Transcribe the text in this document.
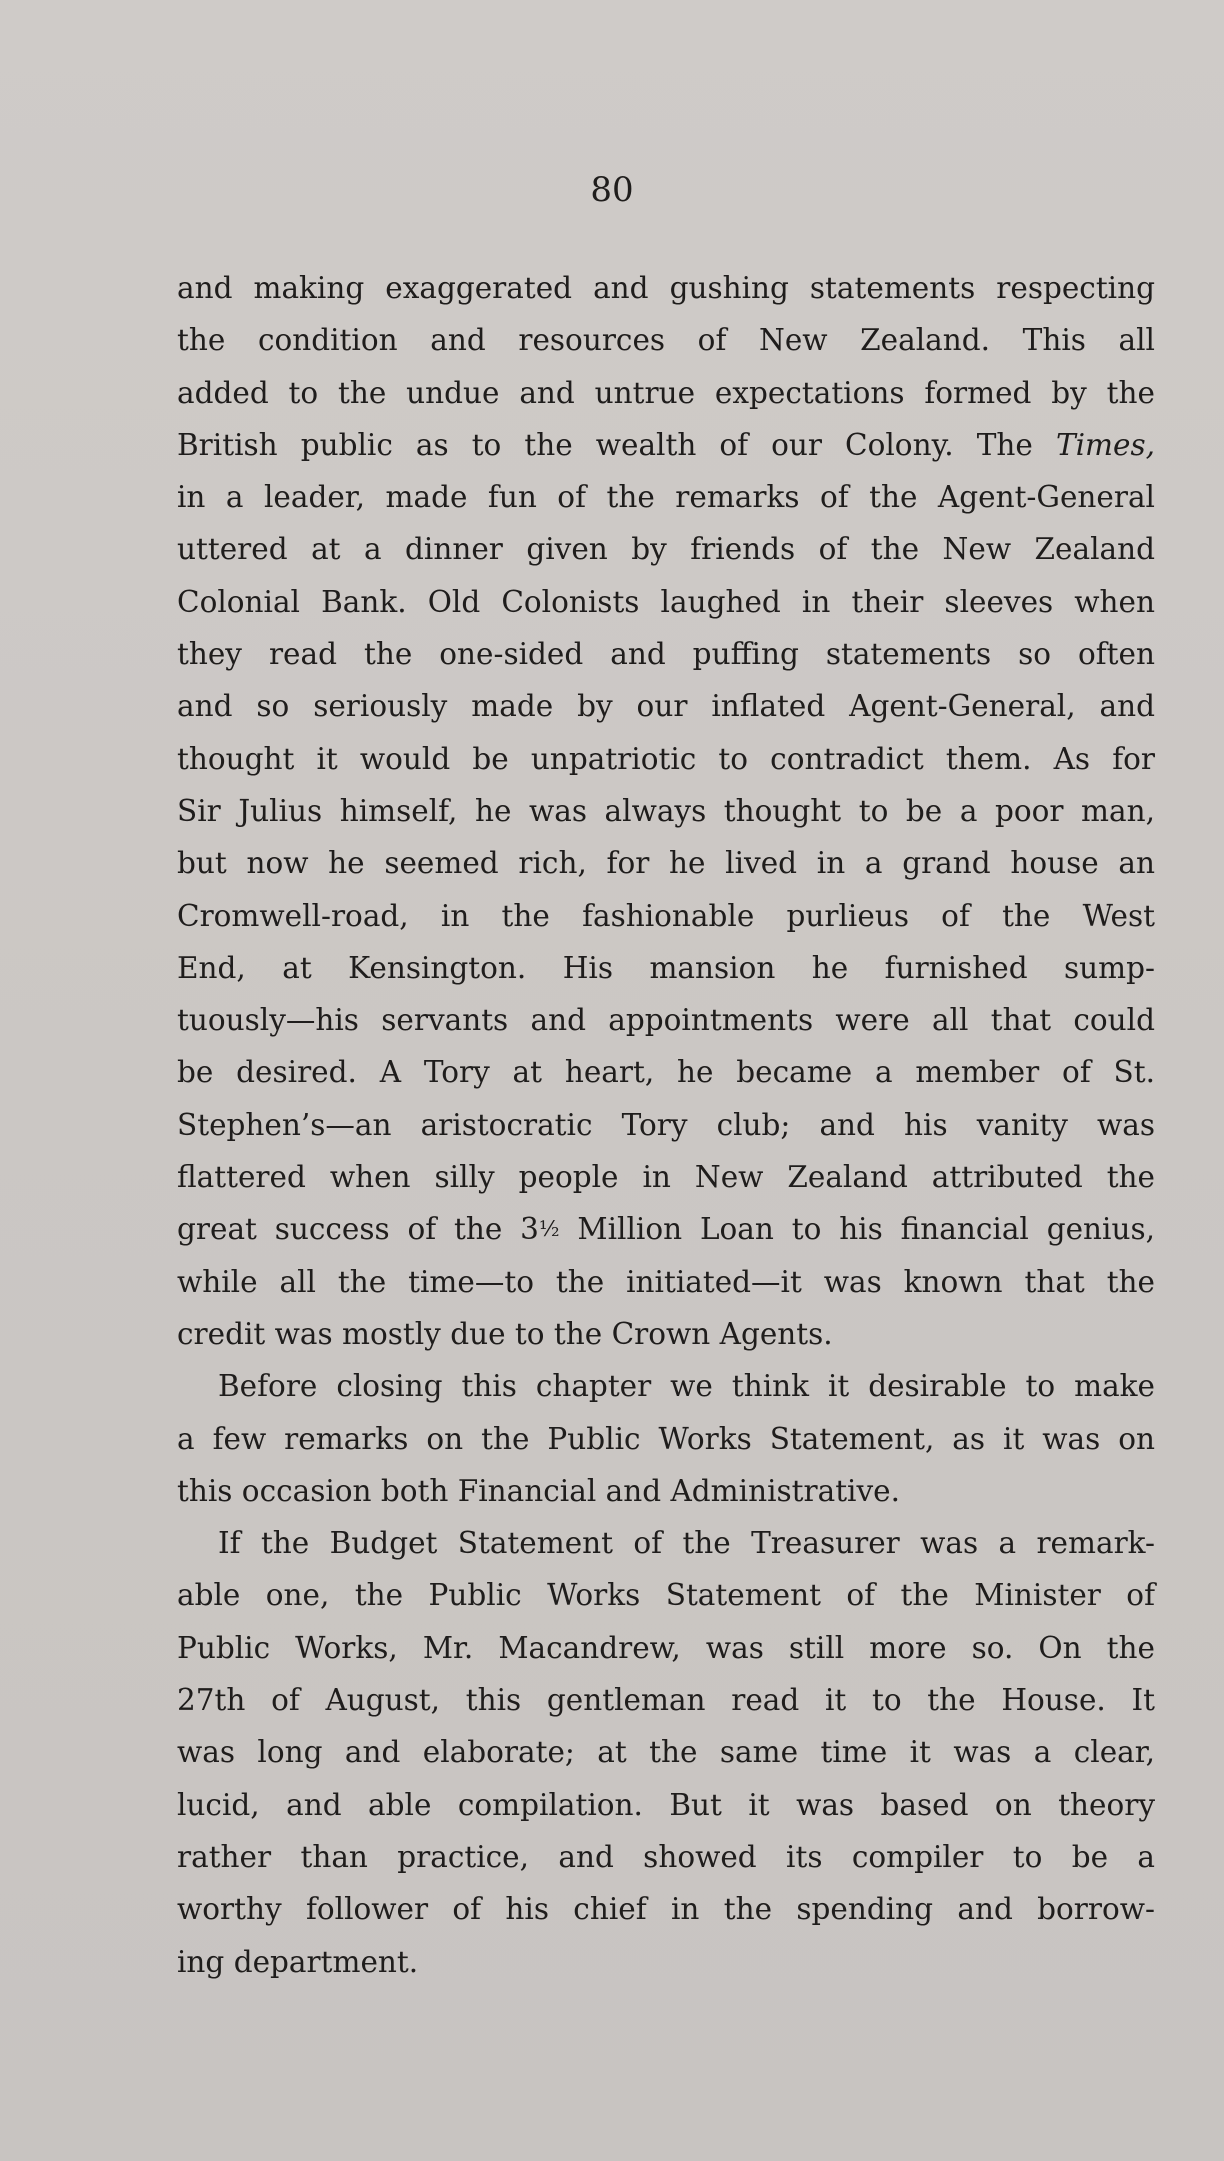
80
and making exaggerated and gushing statements respecting
the condition and resources of New Zealand. This all
added to the undue and untrue expectations formed by the
British public as to the wealth of our Colony. The Times,
in a leader, made fun of the remarks of the Agent-General
uttered at a dinner given by friends of the New Zealand
Colonial Bank. Old Colonists laughed in their sleeves when
they read the one-sided and puffing statements so often
and so seriously made by our inflated Agent-General, and
thought it would be unpatriotic to contradict them. As for
Sir Julius himself, he was always thought to be a poor man,
but now he seemed rich, for he lived in a grand house an
Cromwell-road, in the fashionable purlieus of the West
End, at Kensington. His mansion he furnished sump-
tuously—his servants and appointments were all that could
be desired. A Tory at heart, he became a member of St.
Stephen’s—an aristocratic Tory club; and his vanity was
flattered when silly people in New Zealand attributed the
great success of the 3½ Million Loan to his financial genius,
while all the time—to the initiated—it was known that the
credit was mostly due to the Crown Agents.
Before closing this chapter we think it desirable to make
a few remarks on the Public Works Statement, as it was on
this occasion both Financial and Administrative.
If the Budget Statement of the Treasurer was a remark-
able one, the Public Works Statement of the Minister of
Public Works, Mr. Macandrew, was still more so. On the
27th of August, this gentleman read it to the House. It
was long and elaborate; at the same time it was a clear,
lucid, and able compilation. But it was based on theory
rather than practice, and showed its compiler to be a
worthy follower of his chief in the spending and borrow-
ing department.
